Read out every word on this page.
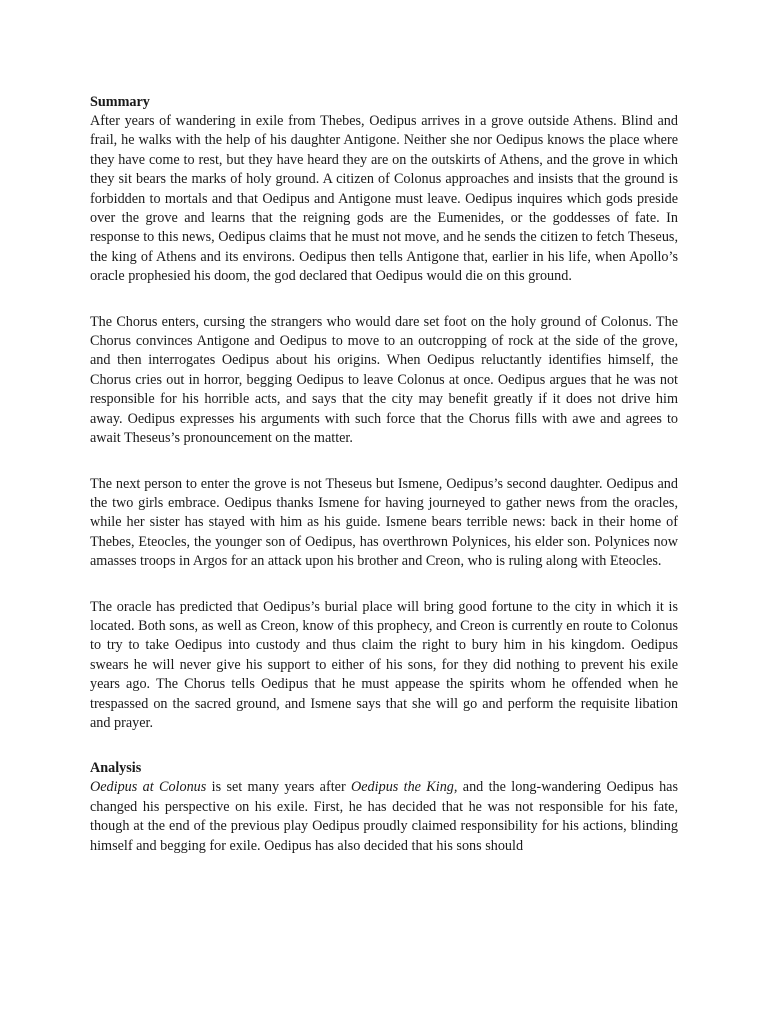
Summary

After years of wandering in exile from Thebes, Oedipus arrives in a grove outside Athens. Blind and frail, he walks with the help of his daughter Antigone. Neither she nor Oedipus knows the place where they have come to rest, but they have heard they are on the outskirts of Athens, and the grove in which they sit bears the marks of holy ground. A citizen of Colonus approaches and insists that the ground is forbidden to mortals and that Oedipus and Antigone must leave. Oedipus inquires which gods preside over the grove and learns that the reigning gods are the Eumenides, or the goddesses of fate. In response to this news, Oedipus claims that he must not move, and he sends the citizen to fetch Theseus, the king of Athens and its environs. Oedipus then tells Antigone that, earlier in his life, when Apollo’s oracle prophesied his doom, the god declared that Oedipus would die on this ground.

The Chorus enters, cursing the strangers who would dare set foot on the holy ground of Colonus. The Chorus convinces Antigone and Oedipus to move to an outcropping of rock at the side of the grove, and then interrogates Oedipus about his origins. When Oedipus reluctantly identifies himself, the Chorus cries out in horror, begging Oedipus to leave Colonus at once. Oedipus argues that he was not responsible for his horrible acts, and says that the city may benefit greatly if it does not drive him away. Oedipus expresses his arguments with such force that the Chorus fills with awe and agrees to await Theseus’s pronouncement on the matter.

The next person to enter the grove is not Theseus but Ismene, Oedipus’s second daughter. Oedipus and the two girls embrace. Oedipus thanks Ismene for having journeyed to gather news from the oracles, while her sister has stayed with him as his guide. Ismene bears terrible news: back in their home of Thebes, Eteocles, the younger son of Oedipus, has overthrown Polynices, his elder son. Polynices now amasses troops in Argos for an attack upon his brother and Creon, who is ruling along with Eteocles.

The oracle has predicted that Oedipus’s burial place will bring good fortune to the city in which it is located. Both sons, as well as Creon, know of this prophecy, and Creon is currently en route to Colonus to try to take Oedipus into custody and thus claim the right to bury him in his kingdom. Oedipus swears he will never give his support to either of his sons, for they did nothing to prevent his exile years ago. The Chorus tells Oedipus that he must appease the spirits whom he offended when he trespassed on the sacred ground, and Ismene says that she will go and perform the requisite libation and prayer.

Analysis

Oedipus at Colonus is set many years after Oedipus the King, and the long-wandering Oedipus has changed his perspective on his exile. First, he has decided that he was not responsible for his fate, though at the end of the previous play Oedipus proudly claimed responsibility for his actions, blinding himself and begging for exile. Oedipus has also decided that his sons should
